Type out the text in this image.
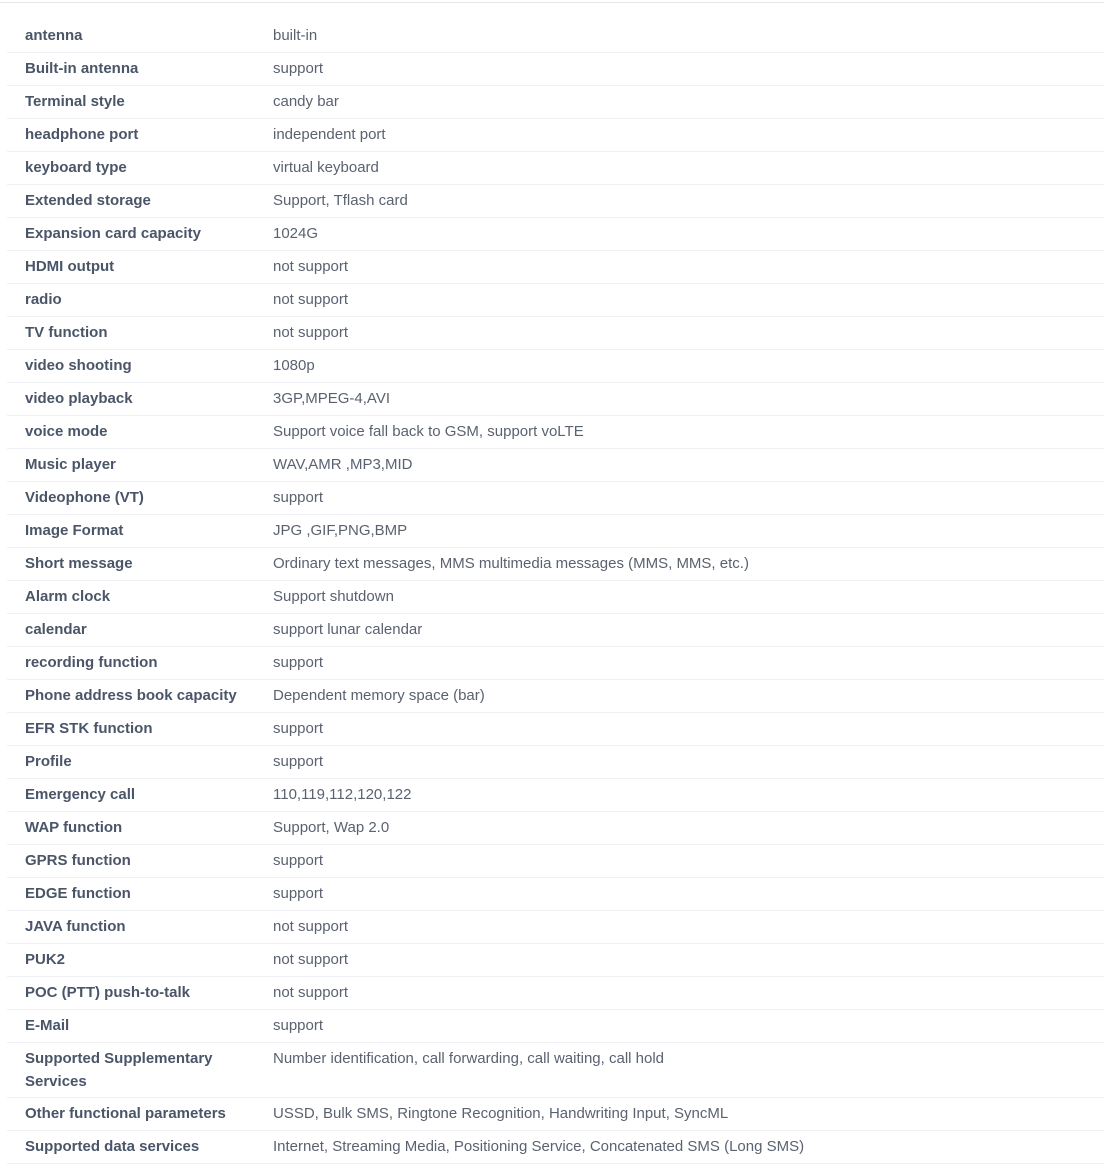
antenna	built-in
Built-in antenna	support
Terminal style	candy bar
headphone port	independent port
keyboard type	virtual keyboard
Extended storage	Support, Tflash card
Expansion card capacity	1024G
HDMI output	not support
radio	not support
TV function	not support
video shooting	1080p
video playback	3GP,MPEG-4,AVI
voice mode	Support voice fall back to GSM, support voLTE
Music player	WAV,AMR ,MP3,MID
Videophone (VT)	support
Image Format	JPG ,GIF,PNG,BMP
Short message	Ordinary text messages, MMS multimedia messages (MMS, MMS, etc.)
Alarm clock	Support shutdown
calendar	support lunar calendar
recording function	support
Phone address book capacity	Dependent memory space (bar)
EFR STK function	support
Profile	support
Emergency call	110,119,112,120,122
WAP function	Support, Wap 2.0
GPRS function	support
EDGE function	support
JAVA function	not support
PUK2	not support
POC (PTT) push-to-talk	not support
E-Mail	support
Supported Supplementary Services	Number identification, call forwarding, call waiting, call hold
Other functional parameters	USSD, Bulk SMS, Ringtone Recognition, Handwriting Input, SyncML
Supported data services	Internet, Streaming Media, Positioning Service, Concatenated SMS (Long SMS)
